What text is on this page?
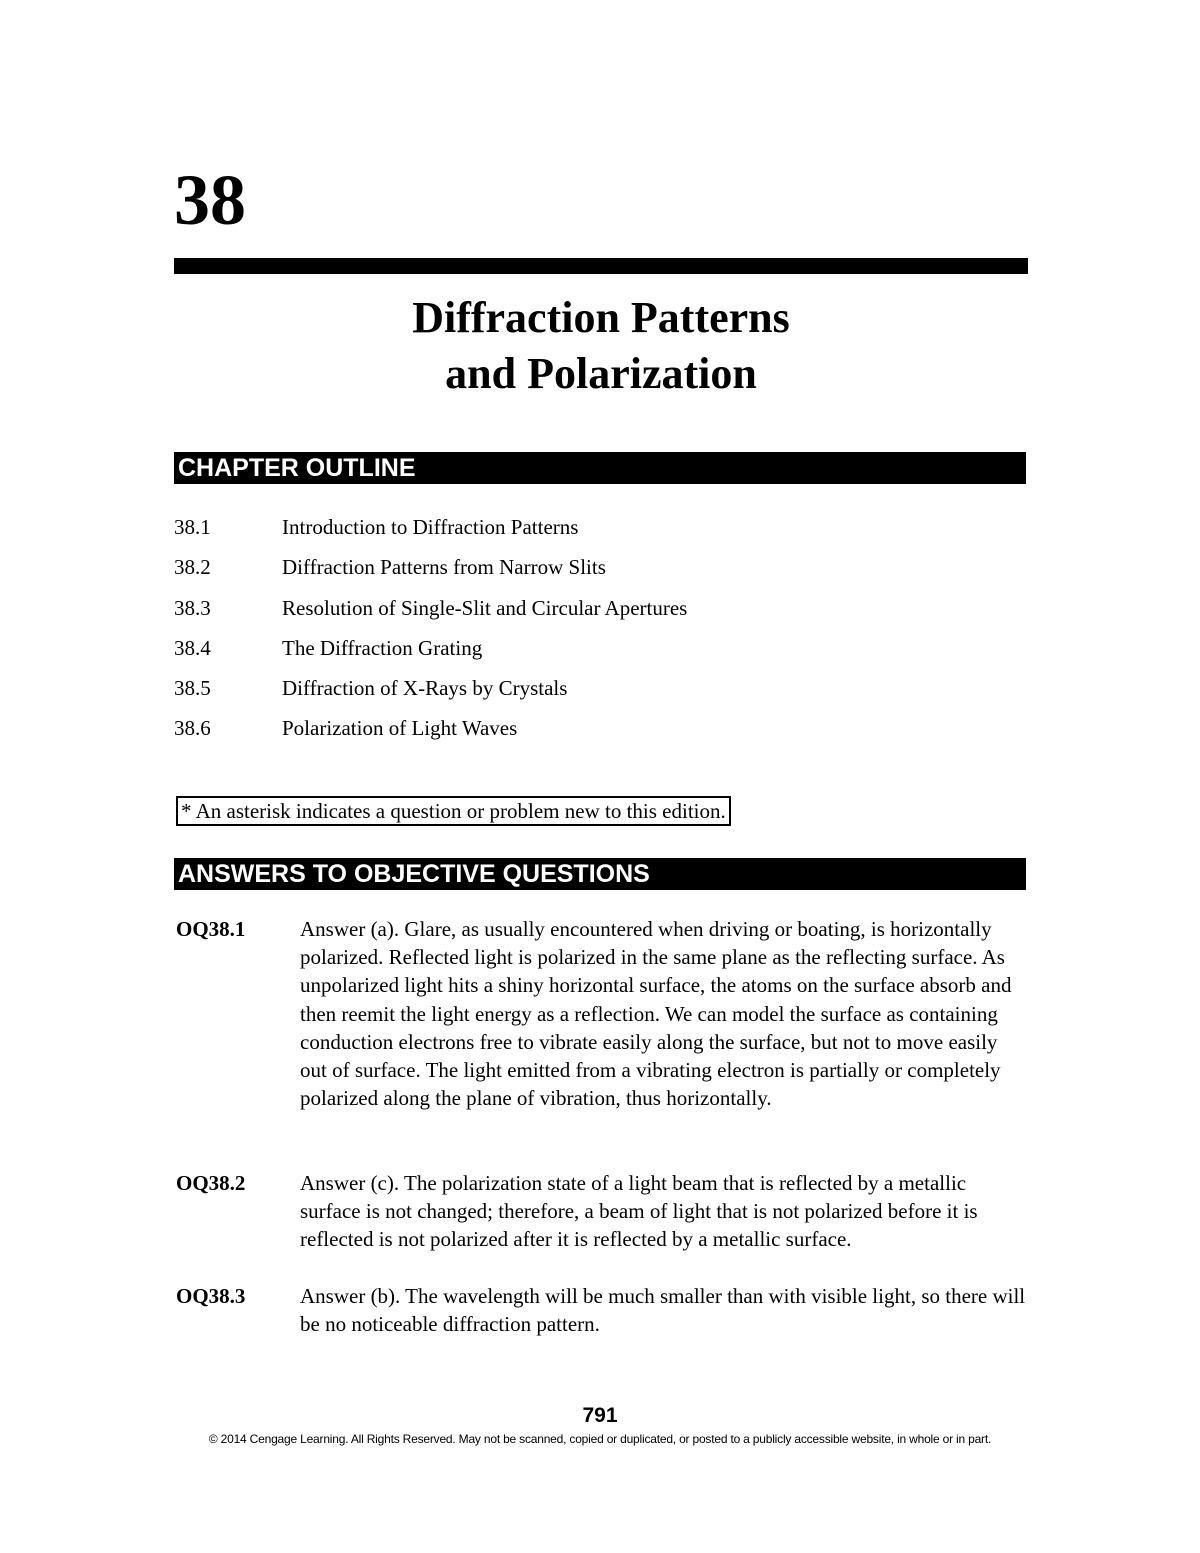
38
Diffraction Patterns
and Polarization
CHAPTER OUTLINE
38.1	Introduction to Diffraction Patterns
38.2	Diffraction Patterns from Narrow Slits
38.3	Resolution of Single-Slit and Circular Apertures
38.4	The Diffraction Grating
38.5	Diffraction of X-Rays by Crystals
38.6	Polarization of Light Waves
* An asterisk indicates a question or problem new to this edition.
ANSWERS TO OBJECTIVE QUESTIONS
OQ38.1	Answer (a). Glare, as usually encountered when driving or boating, is horizontally polarized. Reflected light is polarized in the same plane as the reflecting surface. As unpolarized light hits a shiny horizontal surface, the atoms on the surface absorb and then reemit the light energy as a reflection. We can model the surface as containing conduction electrons free to vibrate easily along the surface, but not to move easily out of surface. The light emitted from a vibrating electron is partially or completely polarized along the plane of vibration, thus horizontally.
OQ38.2	Answer (c). The polarization state of a light beam that is reflected by a metallic surface is not changed; therefore, a beam of light that is not polarized before it is reflected is not polarized after it is reflected by a metallic surface.
OQ38.3	Answer (b). The wavelength will be much smaller than with visible light, so there will be no noticeable diffraction pattern.
791
© 2014 Cengage Learning. All Rights Reserved. May not be scanned, copied or duplicated, or posted to a publicly accessible website, in whole or in part.
